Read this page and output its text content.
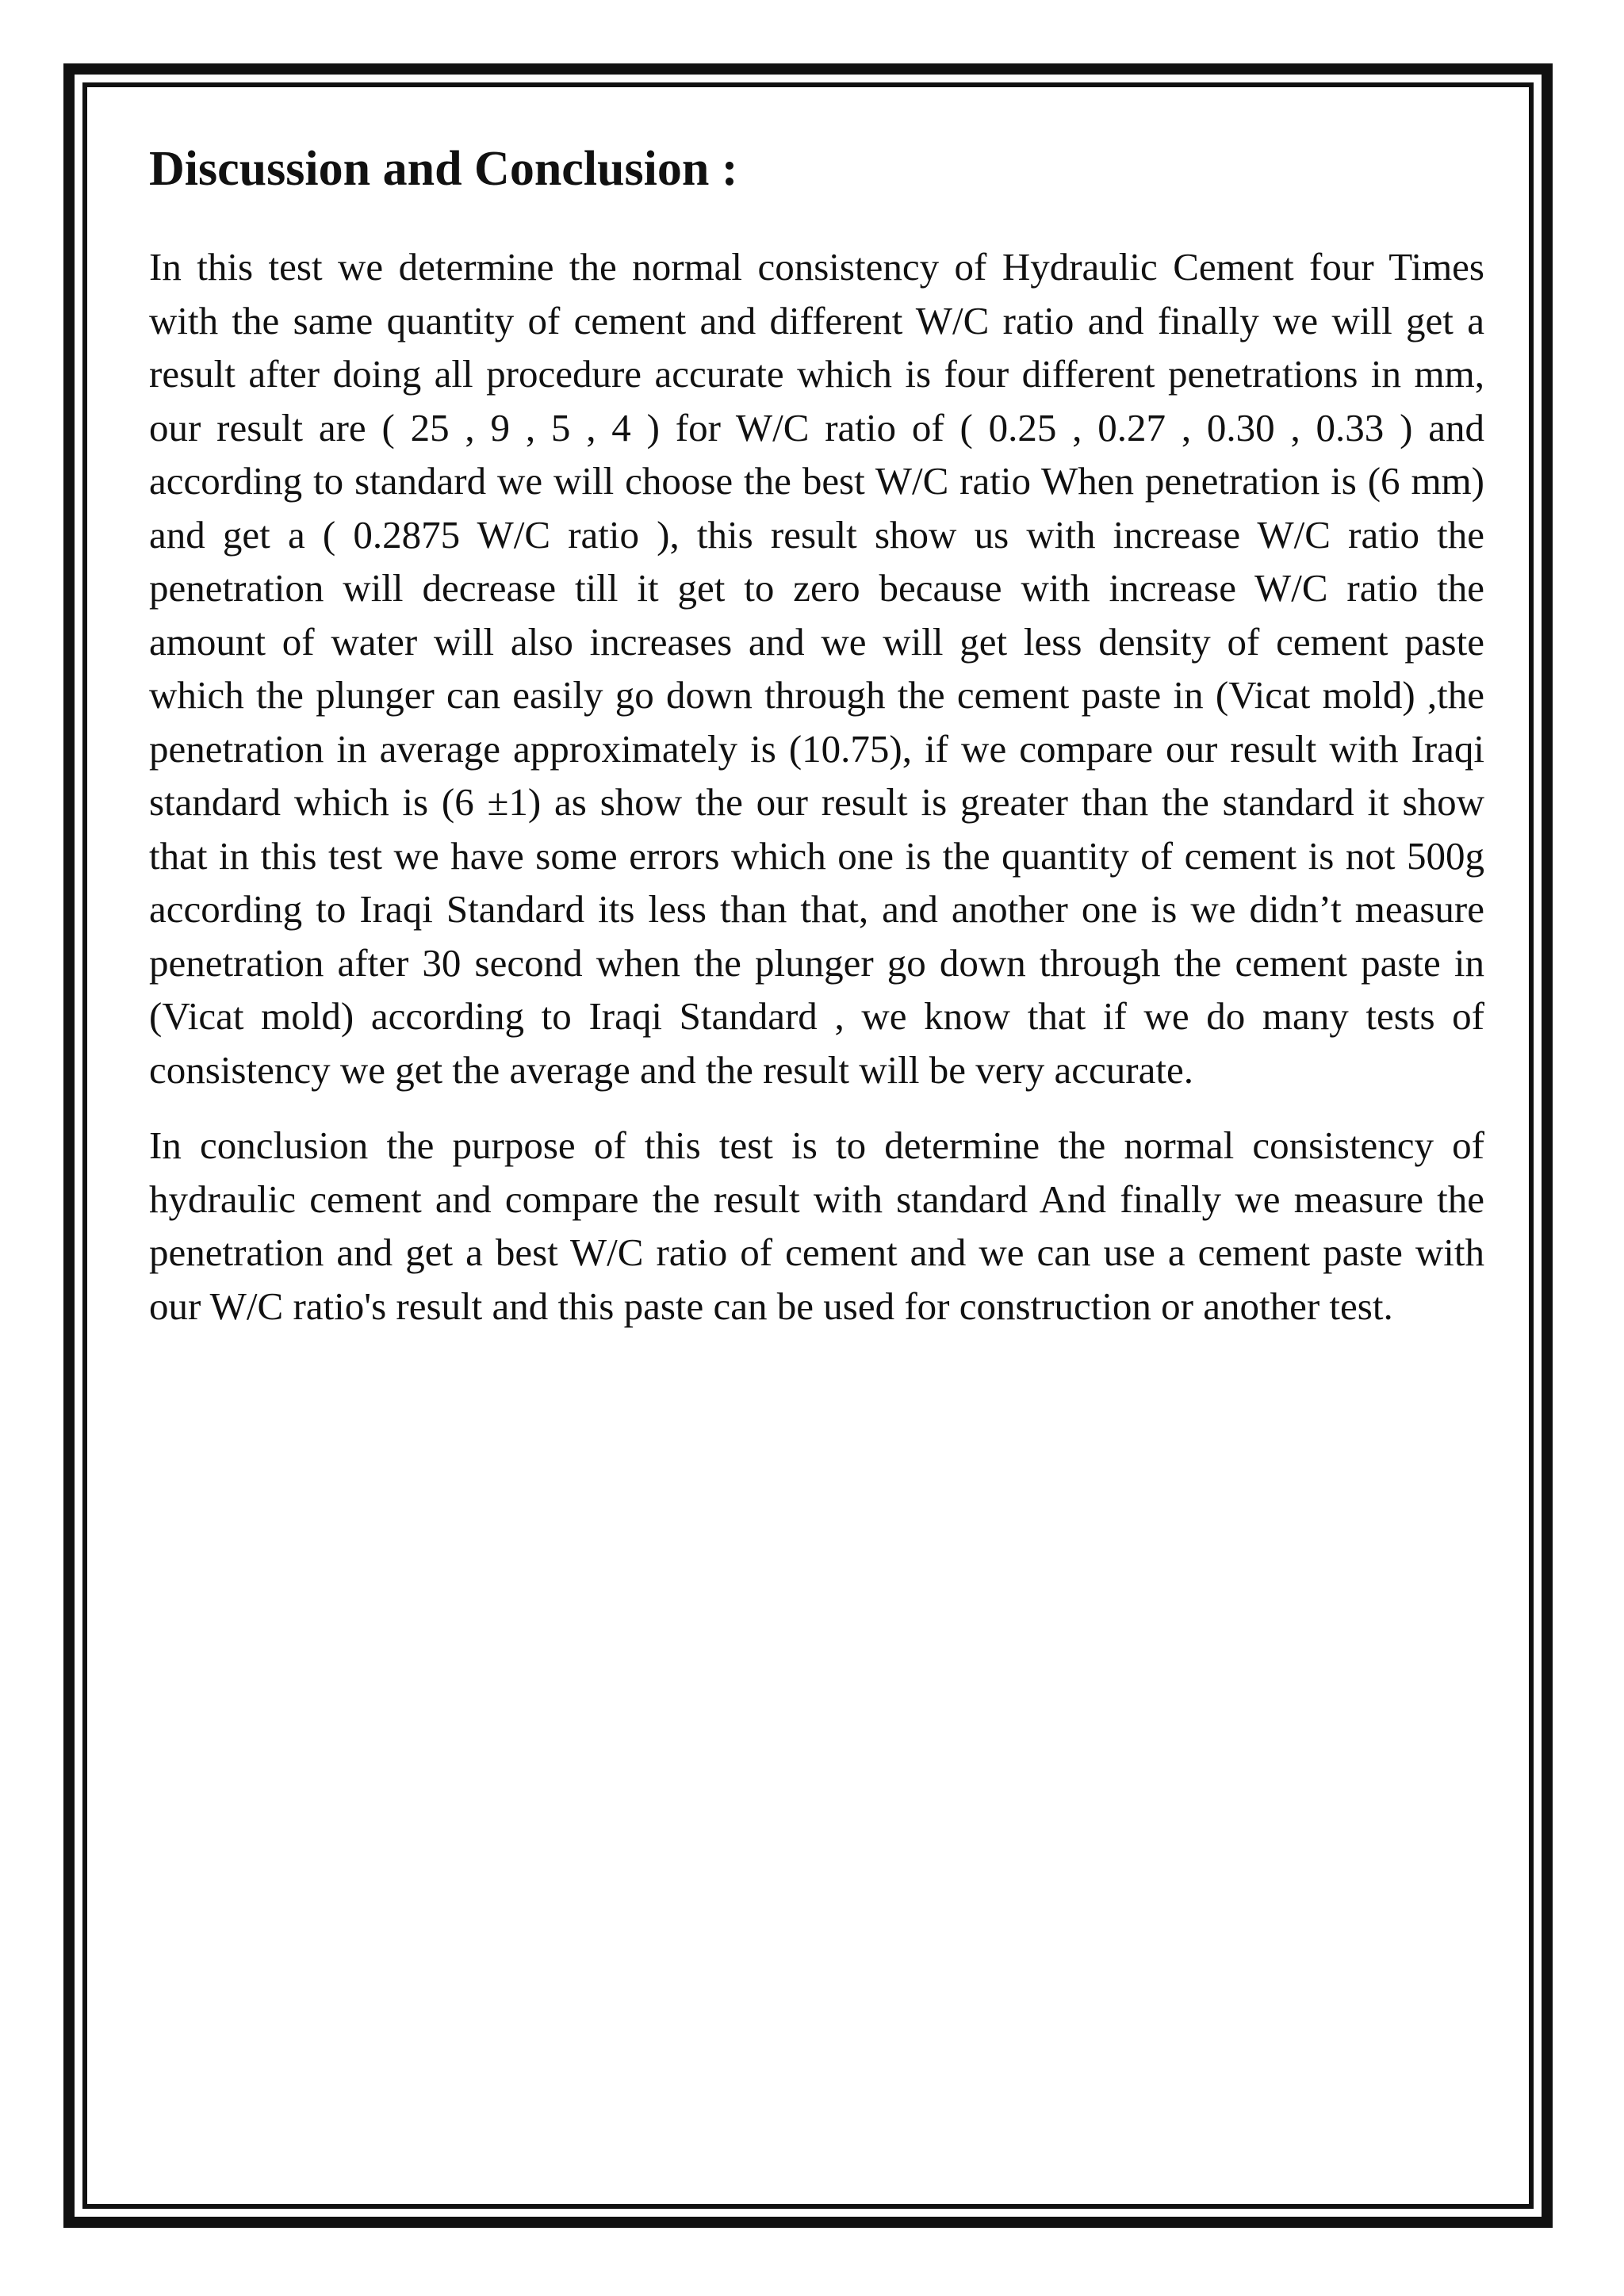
Discussion and Conclusion :

In this test we determine the normal consistency of Hydraulic Cement four Times with the same quantity of cement and different W/C ratio and finally we will get a result after doing all procedure accurate which is four different penetrations in mm, our result are ( 25 , 9 , 5 , 4 ) for W/C ratio of ( 0.25 , 0.27 , 0.30 , 0.33 ) and according to standard we will choose the best W/C ratio When penetration is (6 mm) and get a ( 0.2875 W/C ratio ), this result show us with increase W/C ratio the penetration will decrease till it get to zero because with increase W/C ratio the amount of water will also increases and we will get less density of cement paste which the plunger can easily go down through the cement paste in (Vicat mold) ,the penetration in average approximately is (10.75), if we compare our result with Iraqi standard which is (6 ±1) as show the our result is greater than the standard it show that in this test we have some errors which one is the quantity of cement is not 500g according to Iraqi Standard its less than that, and another one is we didn’t measure penetration after 30 second when the plunger go down through the cement paste in (Vicat mold) according to Iraqi Standard , we know that if we do many tests of consistency we get the average and the result will be very accurate.

In conclusion the purpose of this test is to determine the normal consistency of hydraulic cement and compare the result with standard And finally we measure the penetration and get a best W/C ratio of cement and we can use a cement paste with our W/C ratio's result and this paste can be used for construction or another test.
